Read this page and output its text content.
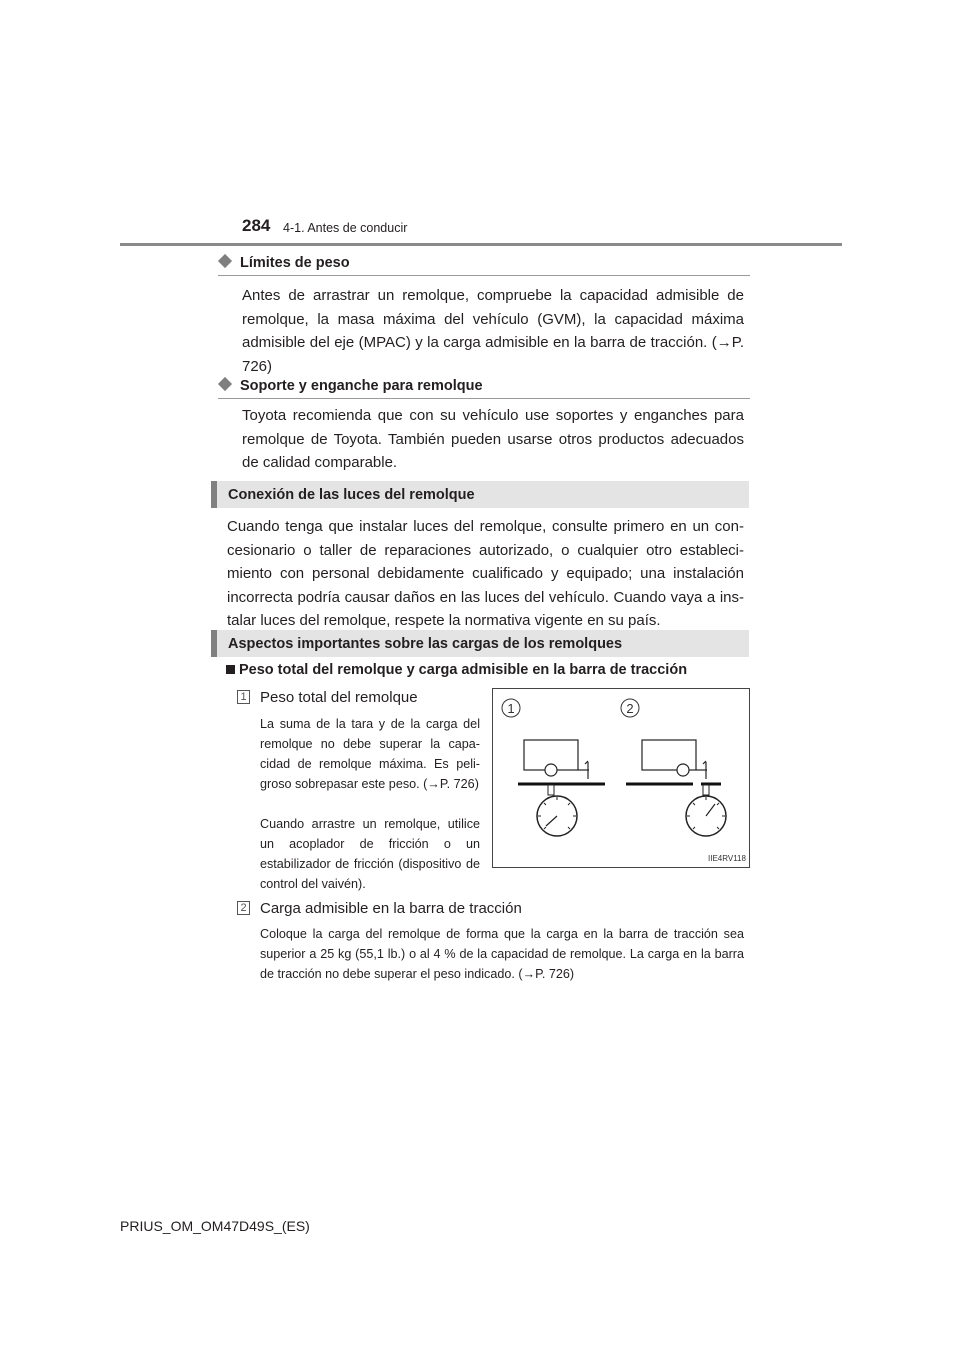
284 4-1. Antes de conducir
Límites de peso
Antes de arrastrar un remolque, compruebe la capacidad admisible de remolque, la masa máxima del vehículo (GVM), la capacidad máxima admisible del eje (MPAC) y la carga admisible en la barra de tracción. (→P. 726)
Soporte y enganche para remolque
Toyota recomienda que con su vehículo use soportes y enganches para remolque de Toyota. También pueden usarse otros productos adecuados de calidad comparable.
Conexión de las luces del remolque
Cuando tenga que instalar luces del remolque, consulte primero en un concesionario o taller de reparaciones autorizado, o cualquier otro establecimiento con personal debidamente cualificado y equipado; una instalación incorrecta podría causar daños en las luces del vehículo. Cuando vaya a instalar luces del remolque, respete la normativa vigente en su país.
Aspectos importantes sobre las cargas de los remolques
Peso total del remolque y carga admisible en la barra de tracción
1 Peso total del remolque
La suma de la tara y de la carga del remolque no debe superar la capacidad de remolque máxima. Es peligroso sobrepasar este peso. (→P. 726)
Cuando arrastre un remolque, utilice un acoplador de fricción o un estabilizador de fricción (dispositivo de control del vaivén).
1	2
IIE4RV118
2 Carga admisible en la barra de tracción
Coloque la carga del remolque de forma que la carga en la barra de tracción sea superior a 25 kg (55,1 lb.) o al 4 % de la capacidad de remolque. La carga en la barra de tracción no debe superar el peso indicado. (→P. 726)
PRIUS_OM_OM47D49S_(ES)
